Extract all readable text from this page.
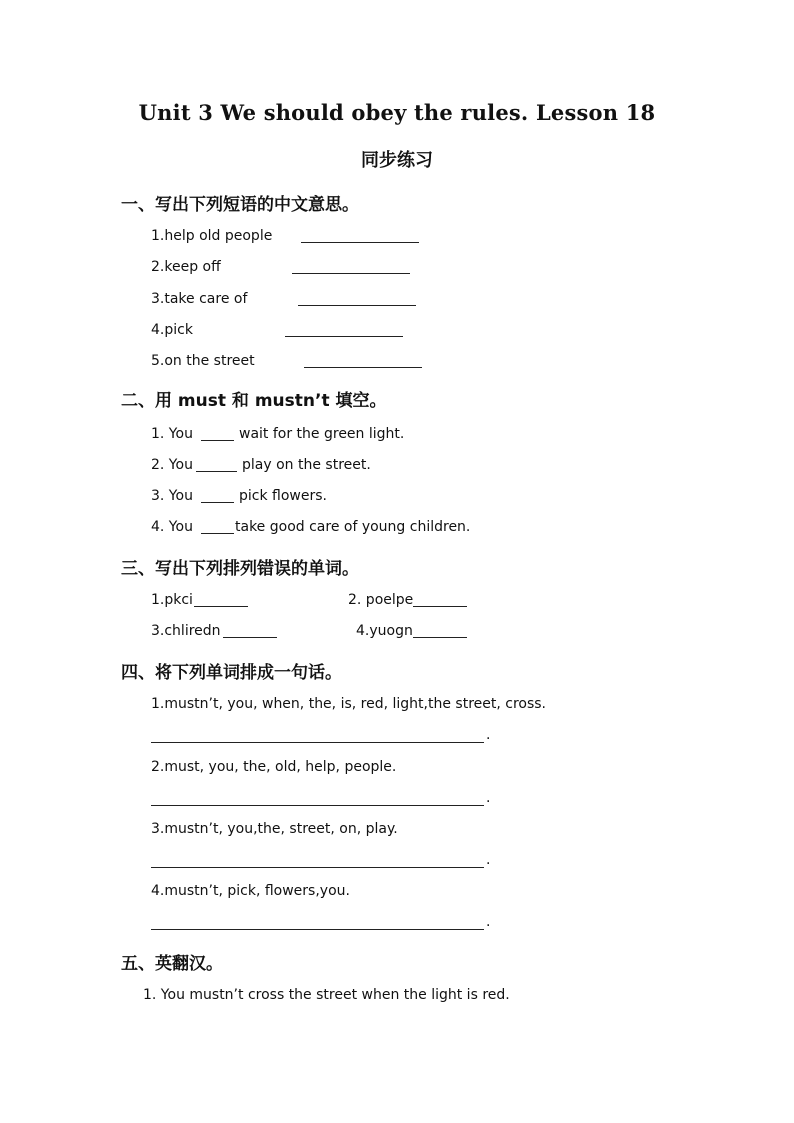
Unit 3 We should obey the rules. Lesson 18
同步练习
一、写出下列短语的中文意思。
1.help old people
2.keep off
3.take care of
4.pick
5.on the street
二、用 must 和 mustn’t 填空。
1. You	wait for the green light.
2. You	play on the street.
3. You	pick flowers.
4. You	take good care of young children.
三、写出下列排列错误的单词。
1.pkci	2. poelpe
3.chliredn	4.yuogn
四、将下列单词排成一句话。
1.mustn’t, you, when, the, is, red, light,the street, cross.
.
2.must, you, the, old, help, people.
.
3.mustn’t, you,the, street, on, play.
.
4.mustn’t, pick, flowers,you.
.
五、英翻汉。
1. You mustn’t cross the street when the light is red.
